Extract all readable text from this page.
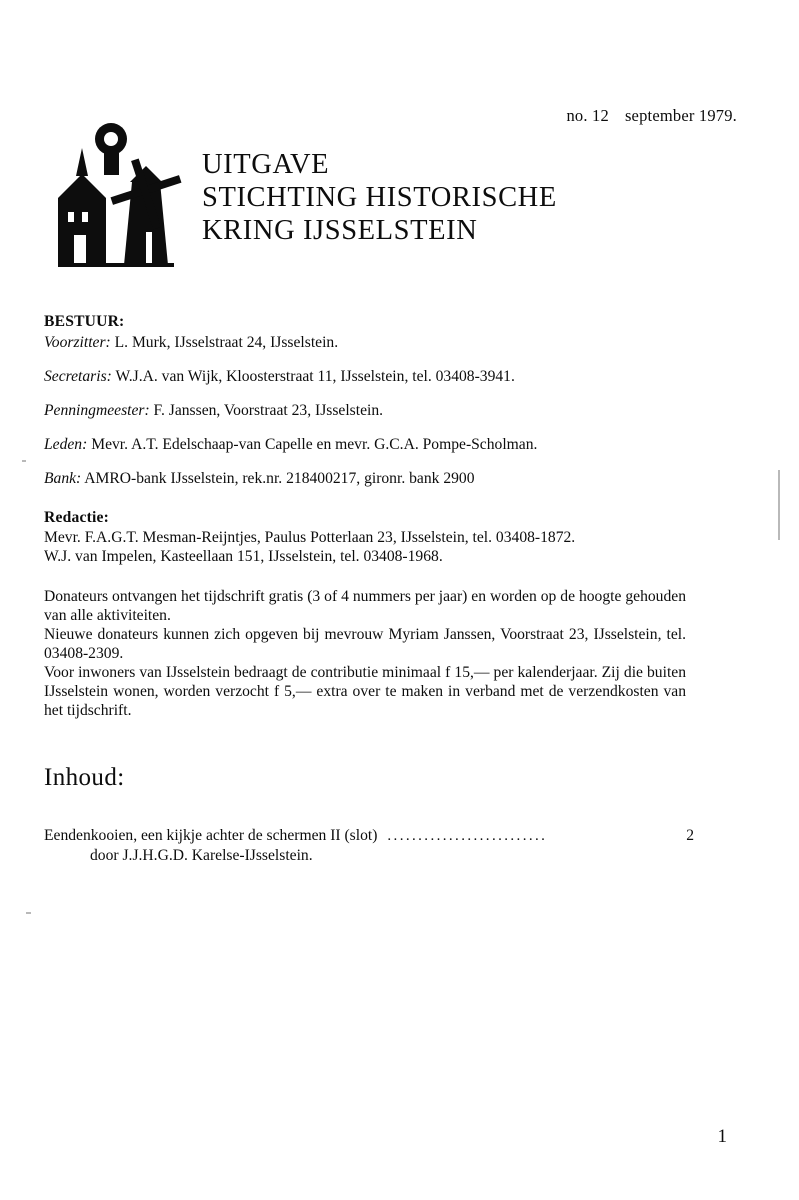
no. 12 september 1979.
UITGAVE
STICHTING HISTORISCHE
KRING IJSSELSTEIN
BESTUUR:

Voorzitter: L. Murk, IJsselstraat 24, IJsselstein.

Secretaris: W.J.A. van Wijk, Kloosterstraat 11, IJsselstein, tel. 03408-3941.

Penningmeester: F. Janssen, Voorstraat 23, IJsselstein.

Leden: Mevr. A.T. Edelschaap-van Capelle en mevr. G.C.A. Pompe-Scholman.

Bank: AMRO-bank IJsselstein, rek.nr. 218400217, gironr. bank 2900

Redactie:

Mevr. F.A.G.T. Mesman-Reijntjes, Paulus Potterlaan 23, IJsselstein, tel. 03408-1872.

W.J. van Impelen, Kasteellaan 151, IJsselstein, tel. 03408-1968.

Donateurs ontvangen het tijdschrift gratis (3 of 4 nummers per jaar) en worden op de hoogte gehouden van alle aktiviteiten.

Nieuwe donateurs kunnen zich opgeven bij mevrouw Myriam Janssen, Voorstraat 23, IJsselstein, tel. 03408-2309.

Voor inwoners van IJsselstein bedraagt de contributie minimaal f 15,— per kalenderjaar. Zij die buiten IJsselstein wonen, worden verzocht f 5,— extra over te maken in verband met de verzendkosten van het tijdschrift.

Inhoud:
Eendenkooien, een kijkje achter de schermen II (slot) ..........................	2
door J.J.H.G.D. Karelse-IJsselstein.
1
